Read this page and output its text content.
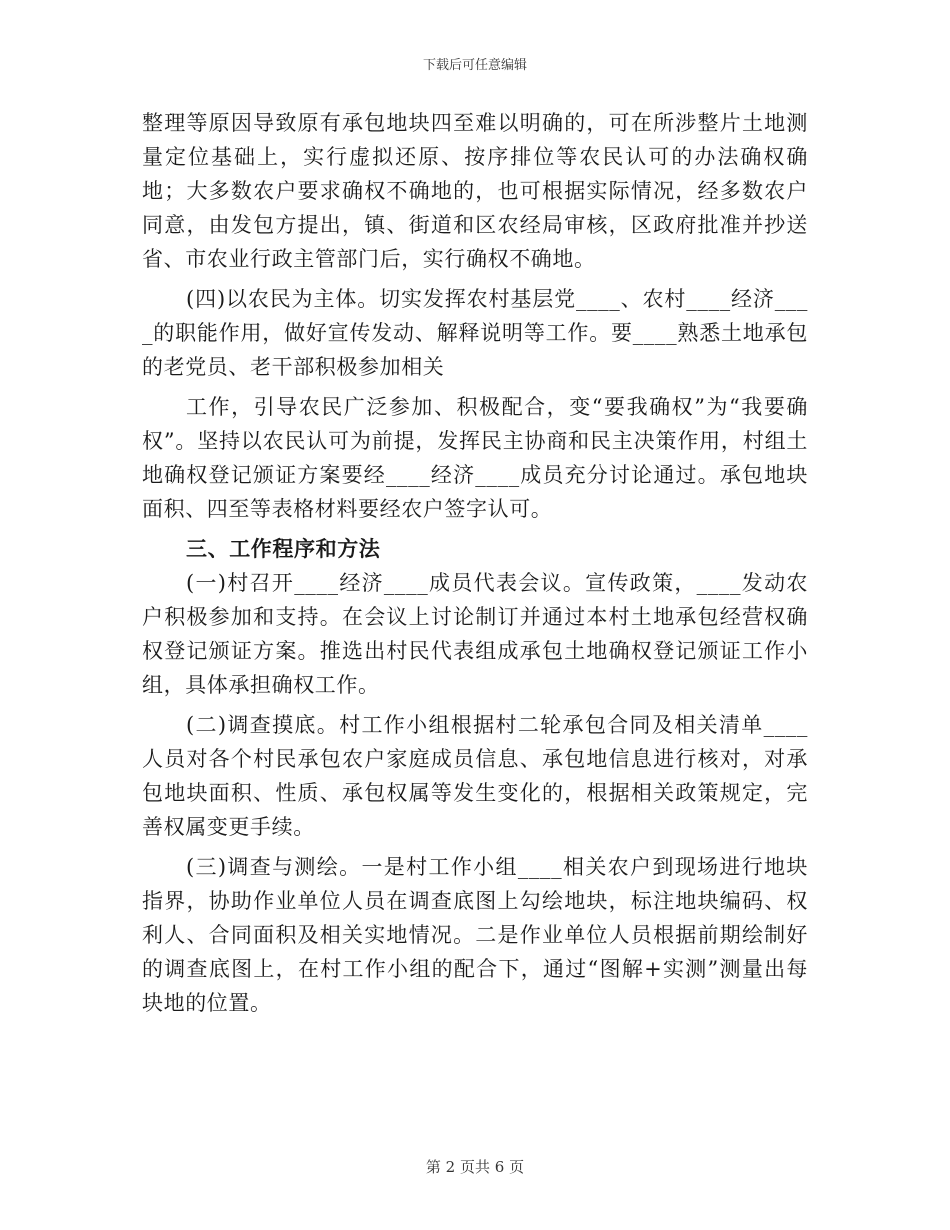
下载后可任意编辑

整理等原因导致原有承包地块四至难以明确的，可在所涉整片土地测量定位基础上，实行虚拟还原、按序排位等农民认可的办法确权确地；大多数农户要求确权不确地的，也可根据实际情况，经多数农户同意，由发包方提出，镇、街道和区农经局审核，区政府批准并抄送省、市农业行政主管部门后，实行确权不确地。

(四)以农民为主体。切实发挥农村基层党____、农村____经济____的职能作用，做好宣传发动、解释说明等工作。要____熟悉土地承包的老党员、老干部积极参加相关

工作，引导农民广泛参加、积极配合，变“要我确权”为“我要确权”。坚持以农民认可为前提，发挥民主协商和民主决策作用，村组土地确权登记颁证方案要经____经济____成员充分讨论通过。承包地块面积、四至等表格材料要经农户签字认可。

三、工作程序和方法

(一)村召开____经济____成员代表会议。宣传政策，____发动农户积极参加和支持。在会议上讨论制订并通过本村土地承包经营权确权登记颁证方案。推选出村民代表组成承包土地确权登记颁证工作小组，具体承担确权工作。

(二)调查摸底。村工作小组根据村二轮承包合同及相关清单____人员对各个村民承包农户家庭成员信息、承包地信息进行核对，对承包地块面积、性质、承包权属等发生变化的，根据相关政策规定，完善权属变更手续。

(三)调查与测绘。一是村工作小组____相关农户到现场进行地块指界，协助作业单位人员在调查底图上勾绘地块，标注地块编码、权利人、合同面积及相关实地情况。二是作业单位人员根据前期绘制好的调查底图上，在村工作小组的配合下，通过“图解+实测”测量出每块地的位置。

第 2 页共 6 页
